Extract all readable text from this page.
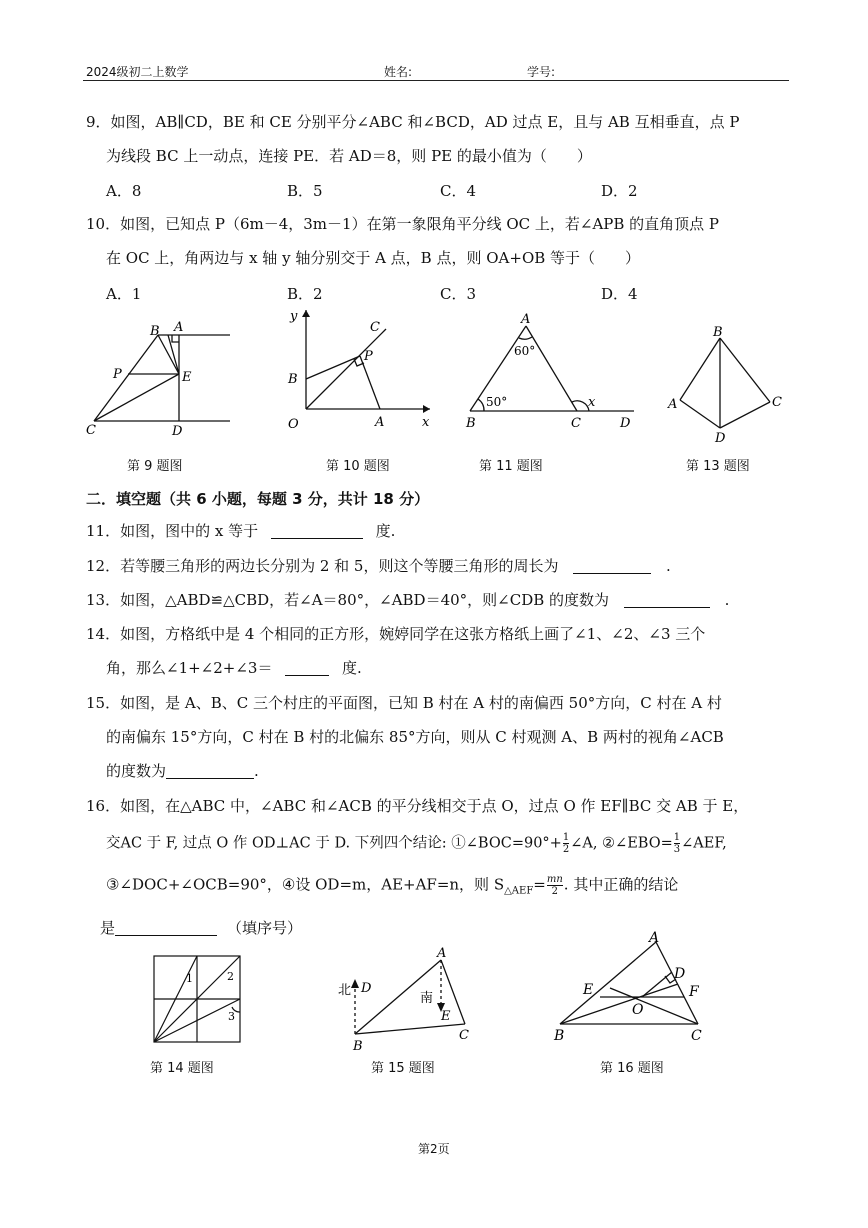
2024级初二上数学	姓名:	学号:
9．如图，AB∥CD，BE 和 CE 分别平分∠ABC 和∠BCD，AD 过点 E，且与 AB 互相垂直，点 P
为线段 BC 上一动点，连接 PE．若 AD＝8，则 PE 的最小值为（　　）
A．8	B．5	C．4	D．2
10．如图，已知点 P（6m－4，3m－1）在第一象限角平分线 OC 上，若∠APB 的直角顶点 P
在 OC 上，角两边与 x 轴 y 轴分别交于 A 点，B 点，则 OA+OB 等于（　　）
A．1	B．2	C．3	D．4
B A
P	E
C	D
y
C
P
B
O	A	x
A
60°
50°
B	C
x
D
B
A	C
D
第 9 题图	第 10 题图	第 11 题图	第 13 题图
二．填空题（共 6 小题，每题 3 分，共计 18 分）
11．如图，图中的 x 等于	度.
12．若等腰三角形的两边长分别为 2 和 5，则这个等腰三角形的周长为	.
13．如图，△ABD≌△CBD，若∠A＝80°，∠ABD＝40°，则∠CDB 的度数为	.
14．如图，方格纸中是 4 个相同的正方形，婉婷同学在这张方格纸上画了∠1、∠2、∠3 三个
角，那么∠1+∠2+∠3＝	度.
15．如图，是 A、B、C 三个村庄的平面图，已知 B 村在 A 村的南偏西 50°方向，C 村在 A 村
的南偏东 15°方向，C 村在 B 村的北偏东 85°方向，则从 C 村观测 A、B 两村的视角∠ACB
的度数为	.
16．如图，在△ABC 中，∠ABC 和∠ACB 的平分线相交于点 O，过点 O 作 EF∥BC 交 AB 于 E，
交AC 于 F, 过点 O 作 OD⊥AC 于 D. 下列四个结论: ①∠BOC=90°+ $\frac{1}{2}$ ∠A, ②∠EBO= $\frac{1}{3}$ ∠AEF,
③∠DOC+∠OCB=90°，④设 OD=m，AE+AF=n，则 $S_{\triangle AEF}= \frac{mn}{2}$ . 其中正确的结论
是	（填序号）
1	2
3
北 D
A
南
E
C
B
A
D
E	F
O
B	C
第 14 题图	第 15 题图	第 16 题图
第2页
